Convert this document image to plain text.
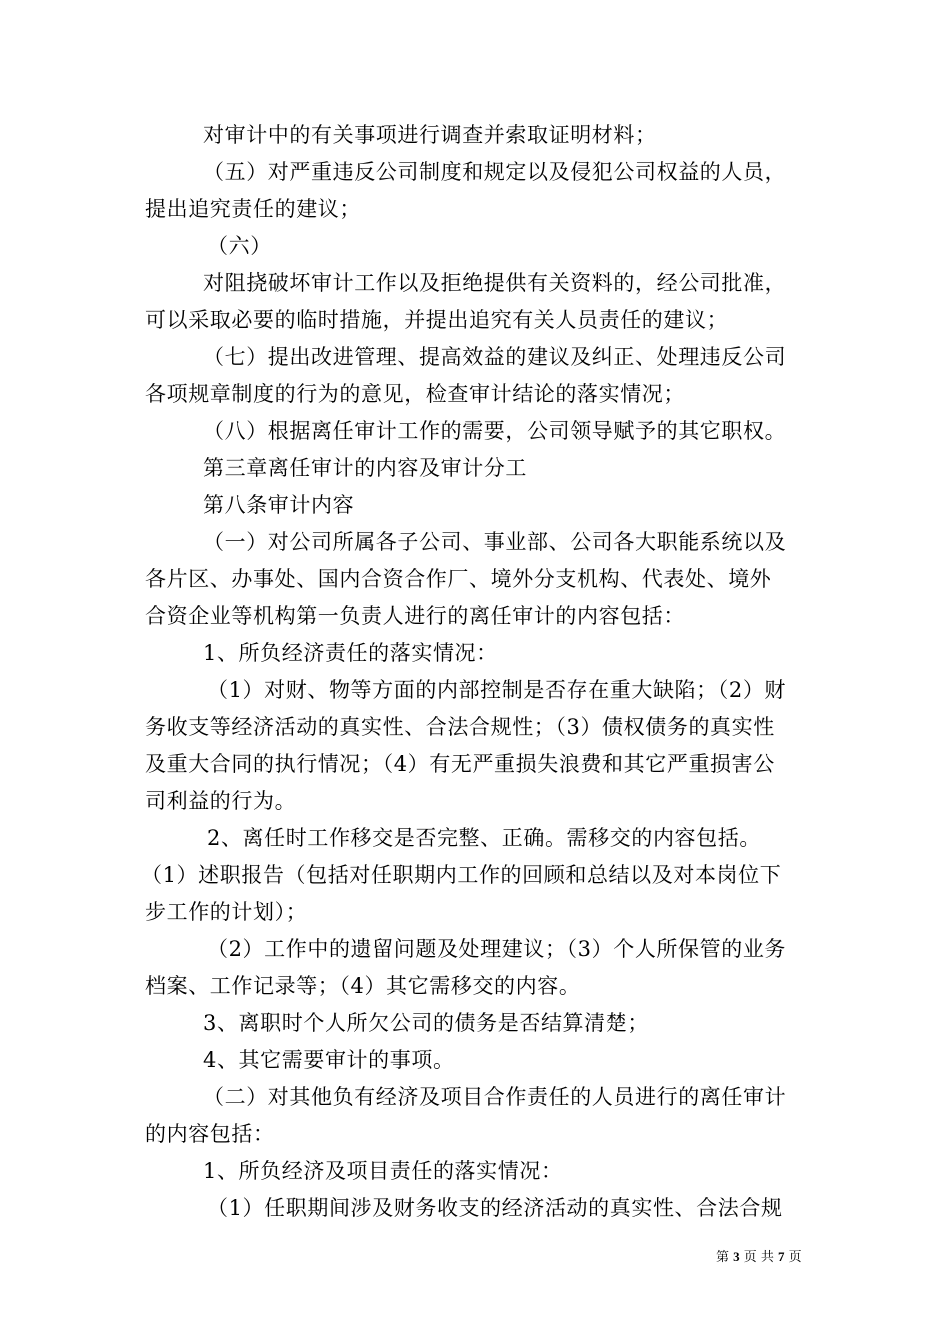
对审计中的有关事项进行调查并索取证明材料；
（五）对严重违反公司制度和规定以及侵犯公司权益的人员，
提出追究责任的建议；
（六）
对阻挠破坏审计工作以及拒绝提供有关资料的，经公司批准，
可以采取必要的临时措施，并提出追究有关人员责任的建议；
（七）提出改进管理、提高效益的建议及纠正、处理违反公司
各项规章制度的行为的意见，检查审计结论的落实情况；
（八）根据离任审计工作的需要，公司领导赋予的其它职权。
第三章离任审计的内容及审计分工
第八条审计内容
（一）对公司所属各子公司、事业部、公司各大职能系统以及
各片区、办事处、国内合资合作厂、境外分支机构、代表处、境外
合资企业等机构第一负责人进行的离任审计的内容包括：
1、所负经济责任的落实情况：
（1）对财、物等方面的内部控制是否存在重大缺陷；（2）财
务收支等经济活动的真实性、合法合规性；（3）债权债务的真实性
及重大合同的执行情况；（4）有无严重损失浪费和其它严重损害公
司利益的行为。
2、离任时工作移交是否完整、正确。需移交的内容包括。
（1）述职报告（包括对任职期内工作的回顾和总结以及对本岗位下
步工作的计划）；
（2）工作中的遗留问题及处理建议；（3）个人所保管的业务
档案、工作记录等；（4）其它需移交的内容。
3、离职时个人所欠公司的债务是否结算清楚；
4、其它需要审计的事项。
（二）对其他负有经济及项目合作责任的人员进行的离任审计
的内容包括：
1、所负经济及项目责任的落实情况：
（1）任职期间涉及财务收支的经济活动的真实性、合法合规
第 3 页 共 7 页
